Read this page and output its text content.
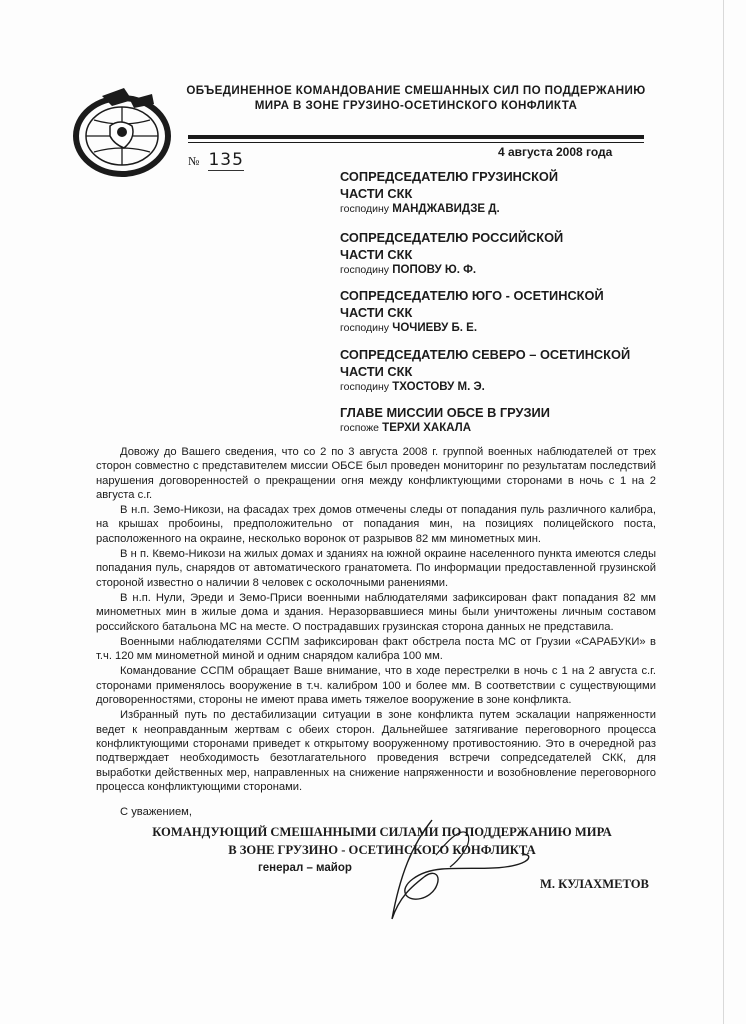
ОБЪЕДИНЕННОЕ КОМАНДОВАНИЕ СМЕШАННЫХ СИЛ ПО ПОДДЕРЖАНИЮ
МИРА В ЗОНЕ ГРУЗИНО-ОСЕТИНСКОГО КОНФЛИКТА
№ 135	4 августа 2008 года
СОПРЕДСЕДАТЕЛЮ ГРУЗИНСКОЙ
ЧАСТИ СКК
господину МАНДЖАВИДЗЕ Д.
СОПРЕДСЕДАТЕЛЮ РОССИЙСКОЙ
ЧАСТИ СКК
господину ПОПОВУ Ю. Ф.
СОПРЕДСЕДАТЕЛЮ ЮГО - ОСЕТИНСКОЙ
ЧАСТИ СКК
господину ЧОЧИЕВУ Б. Е.
СОПРЕДСЕДАТЕЛЮ СЕВЕРО – ОСЕТИНСКОЙ
ЧАСТИ СКК
господину ТХОСТОВУ М. Э.
ГЛАВЕ МИССИИ ОБСЕ В ГРУЗИИ
госпоже ТЕРХИ ХАКАЛА

Довожу до Вашего сведения, что со 2 по 3 августа 2008 г. группой военных наблюдателей от трех сторон совместно с представителем миссии ОБСЕ был проведен мониторинг по результатам последствий нарушения договоренностей о прекращении огня между конфликтующими сторонами в ночь с 1 на 2 августа с.г.

В н.п. Земо-Никози, на фасадах трех домов отмечены следы от попадания пуль различного калибра, на крышах пробоины, предположительно от попадания мин, на позициях полицейского поста, расположенного на окраине, несколько воронок от разрывов 82 мм минометных мин.

В н п. Квемо-Никози на жилых домах и зданиях на южной окраине населенного пункта имеются следы попадания пуль, снарядов от автоматического гранатомета. По информации предоставленной грузинской стороной известно о наличии 8 человек с осколочными ранениями.

В н.п. Нули, Эреди и Земо-Приси военными наблюдателями зафиксирован факт попадания 82 мм минометных мин в жилые дома и здания. Неразорвавшиеся мины были уничтожены личным составом российского батальона МС на месте. О пострадавших грузинская сторона данных не представила.

Военными наблюдателями ССПМ зафиксирован факт обстрела поста МС от Грузии «САРАБУКИ» в т.ч. 120 мм минометной миной и одним снарядом калибра 100 мм.

Командование ССПМ обращает Ваше внимание, что в ходе перестрелки в ночь с 1 на 2 августа с.г. сторонами применялось вооружение в т.ч. калибром 100 и более мм. В соответствии с существующими договоренностями, стороны не имеют права иметь тяжелое вооружение в зоне конфликта.

Избранный путь по дестабилизации ситуации в зоне конфликта путем эскалации напряженности ведет к неоправданным жертвам с обеих сторон. Дальнейшее затягивание переговорного процесса конфликтующими сторонами приведет к открытому вооруженному противостоянию. Это в очередной раз подтверждает необходимость безотлагательного проведения встречи сопредседателей СКК, для выработки действенных мер, направленных на снижение напряженности и возобновление переговорного процесса конфликтующими сторонами.

С уважением,
КОМАНДУЮЩИЙ СМЕШАННЫМИ СИЛАМИ ПО ПОДДЕРЖАНИЮ МИРА
В ЗОНЕ ГРУЗИНО - ОСЕТИНСКОГО КОНФЛИКТА
генерал – майор
М. КУЛАХМЕТОВ
